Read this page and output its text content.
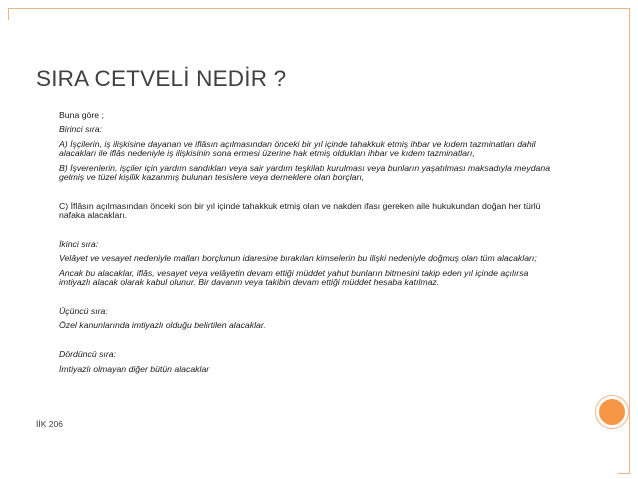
SIRA CETVELİ NEDİR ?
Buna göre ;
Birinci sıra:
A) İşçilerin, iş ilişkisine dayanan ve iflâsın açılmasından önceki bir yıl içinde tahakkuk etmiş ihbar ve kıdem tazminatları dahil alacakları ile iflâs nedeniyle iş ilişkisinin sona ermesi üzerine hak etmiş oldukları ihbar ve kıdem tazminatları,
B) İşverenlerin, işçiler için yardım sandıkları veya sair yardım teşkilatı kurulması veya bunların yaşatılması maksadıyla meydana gelmiş ve tüzel kişilik kazanmış bulunan tesislere veya derneklere olan borçları,
C) İflâsın açılmasından önceki son bir yıl içinde tahakkuk etmiş olan ve nakden ifası gereken aile hukukundan doğan her türlü nafaka alacakları.
İkinci sıra:
Velâyet ve vesayet nedeniyle malları borçlunun idaresine bırakılan kimselerin bu ilişki nedeniyle doğmuş olan tüm alacakları;
Ancak bu alacaklar, iflâs, vesayet veya velâyetin devam ettiği müddet yahut bunların bitmesini takip eden yıl içinde açılırsa imtiyazlı alacak olarak kabul olunur. Bir davanın veya takibin devam ettiği müddet hesaba katılmaz.
Üçüncü sıra:
Özel kanunlarında imtiyazlı olduğu belirtilen alacaklar.
Dördüncü sıra:
İmtiyazlı olmayan diğer bütün alacaklar
İİK 206
